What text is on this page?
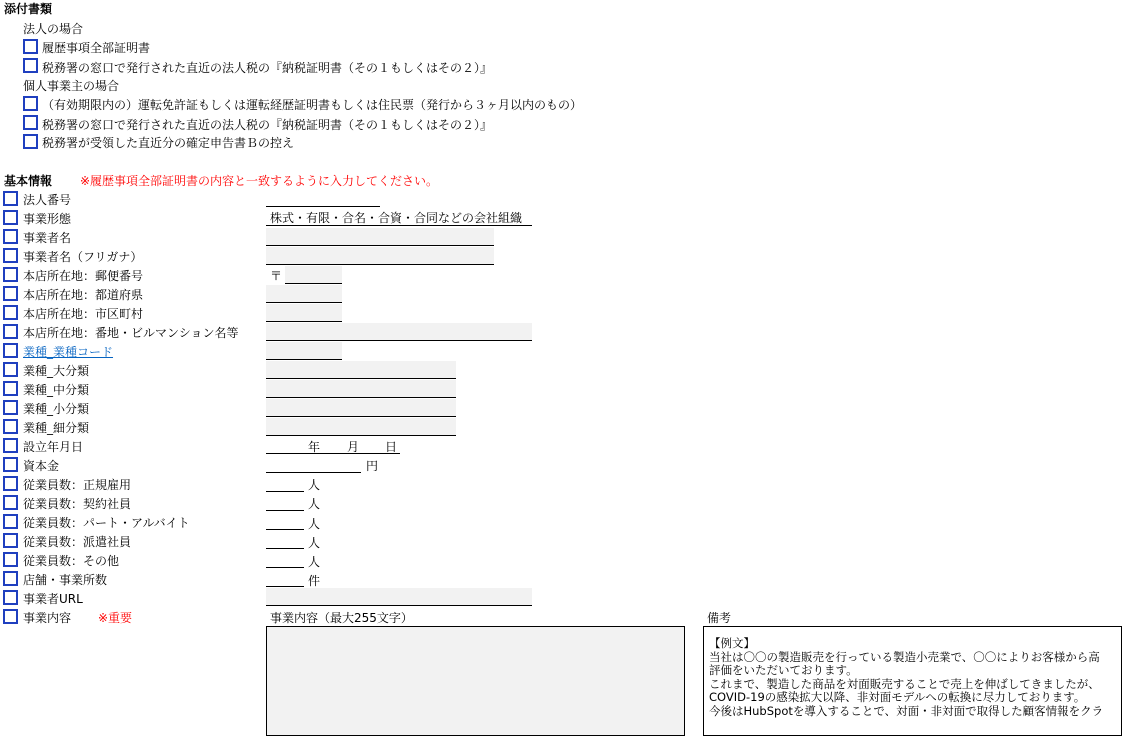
添付書類
法人の場合
履歴事項全部証明書
税務署の窓口で発行された直近の法人税の『納税証明書（その１もしくはその２）』
個人事業主の場合
（有効期限内の）運転免許証もしくは運転経歴証明書もしくは住民票（発行から３ヶ月以内のもの）
税務署の窓口で発行された直近の法人税の『納税証明書（その１もしくはその２）』
税務署が受領した直近分の確定申告書Ｂの控え
基本情報 ※履歴事項全部証明書の内容と一致するように入力してください。
法人番号
事業形態	株式・有限・合名・合資・合同などの会社組織
事業者名
事業者名（フリガナ）
本店所在地：郵便番号	〒
本店所在地：都道府県
本店所在地：市区町村
本店所在地：番地・ビルマンション名等
業種_業種コード
業種_大分類
業種_中分類
業種_小分類
業種_細分類
設立年月日	年 月 日
資本金	円
従業員数：正規雇用	人
従業員数：契約社員	人
従業員数：パート・アルバイト	人
従業員数：派遣社員	人
従業員数：その他	人
店舗・事業所数	件
事業者URL
事業内容 ※重要	事業内容（最大255文字）	備考
【例文】
当社は〇〇の製造販売を行っている製造小売業で、〇〇によりお客様から高
評価をいただいております。
これまで、製造した商品を対面販売することで売上を伸ばしてきましたが、
COVID-19の感染拡大以降、非対面モデルへの転換に尽力しております。
今後はHubSpotを導入することで、対面・非対面で取得した顧客情報をクラ
